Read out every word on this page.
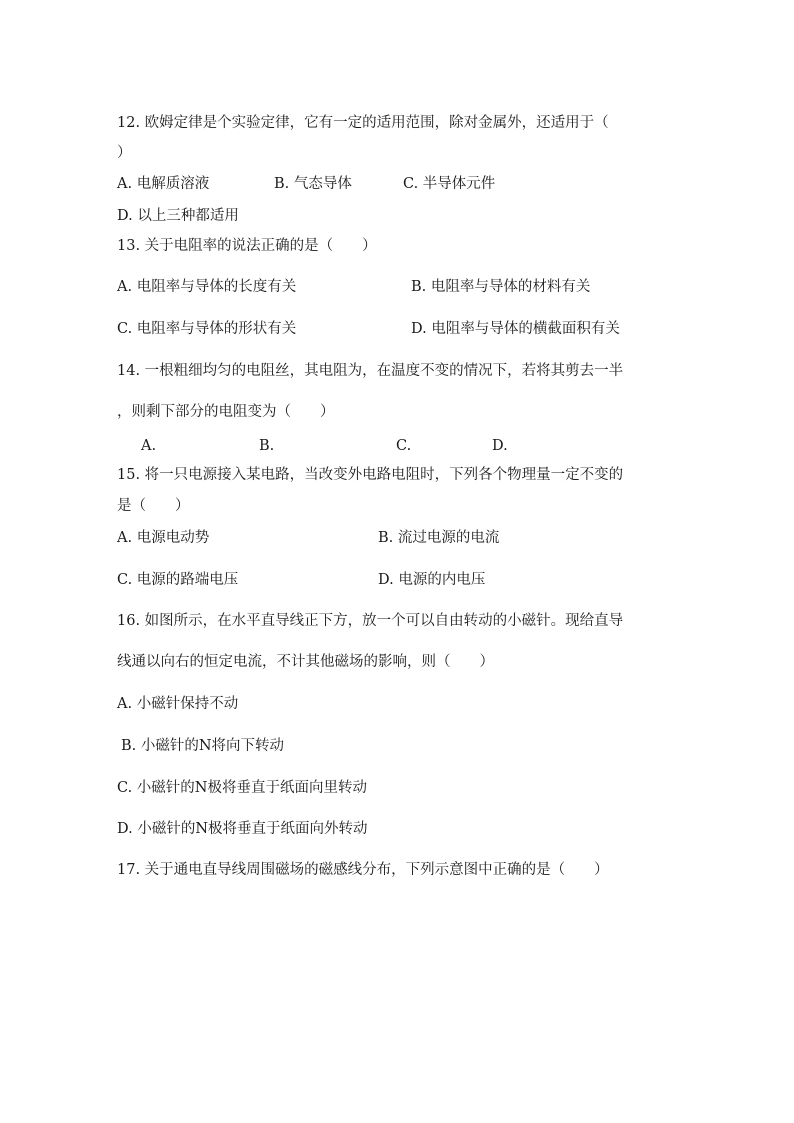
12. 欧姆定律是个实验定律，它有一定的适用范围，除对金属外，还适用于（
）
A. 电解质溶液	B. 气态导体	C. 半导体元件
D. 以上三种都适用
13. 关于电阻率的说法正确的是（　　）
A. 电阻率与导体的长度有关	B. 电阻率与导体的材料有关
C. 电阻率与导体的形状有关	D. 电阻率与导体的横截面积有关
14. 一根粗细均匀的电阻丝，其电阻为，在温度不变的情况下，若将其剪去一半
，则剩下部分的电阻变为（　　）
A.	B.	C.	D.
15. 将一只电源接入某电路，当改变外电路电阻时，下列各个物理量一定不变的
是（　　）
A. 电源电动势	B. 流过电源的电流
C. 电源的路端电压	D. 电源的内电压
16. 如图所示，在水平直导线正下方，放一个可以自由转动的小磁针。现给直导
线通以向右的恒定电流，不计其他磁场的影响，则（　　）
A. 小磁针保持不动
B. 小磁针的N将向下转动
C. 小磁针的N极将垂直于纸面向里转动
D. 小磁针的N极将垂直于纸面向外转动
17. 关于通电直导线周围磁场的磁感线分布，下列示意图中正确的是（　　）
